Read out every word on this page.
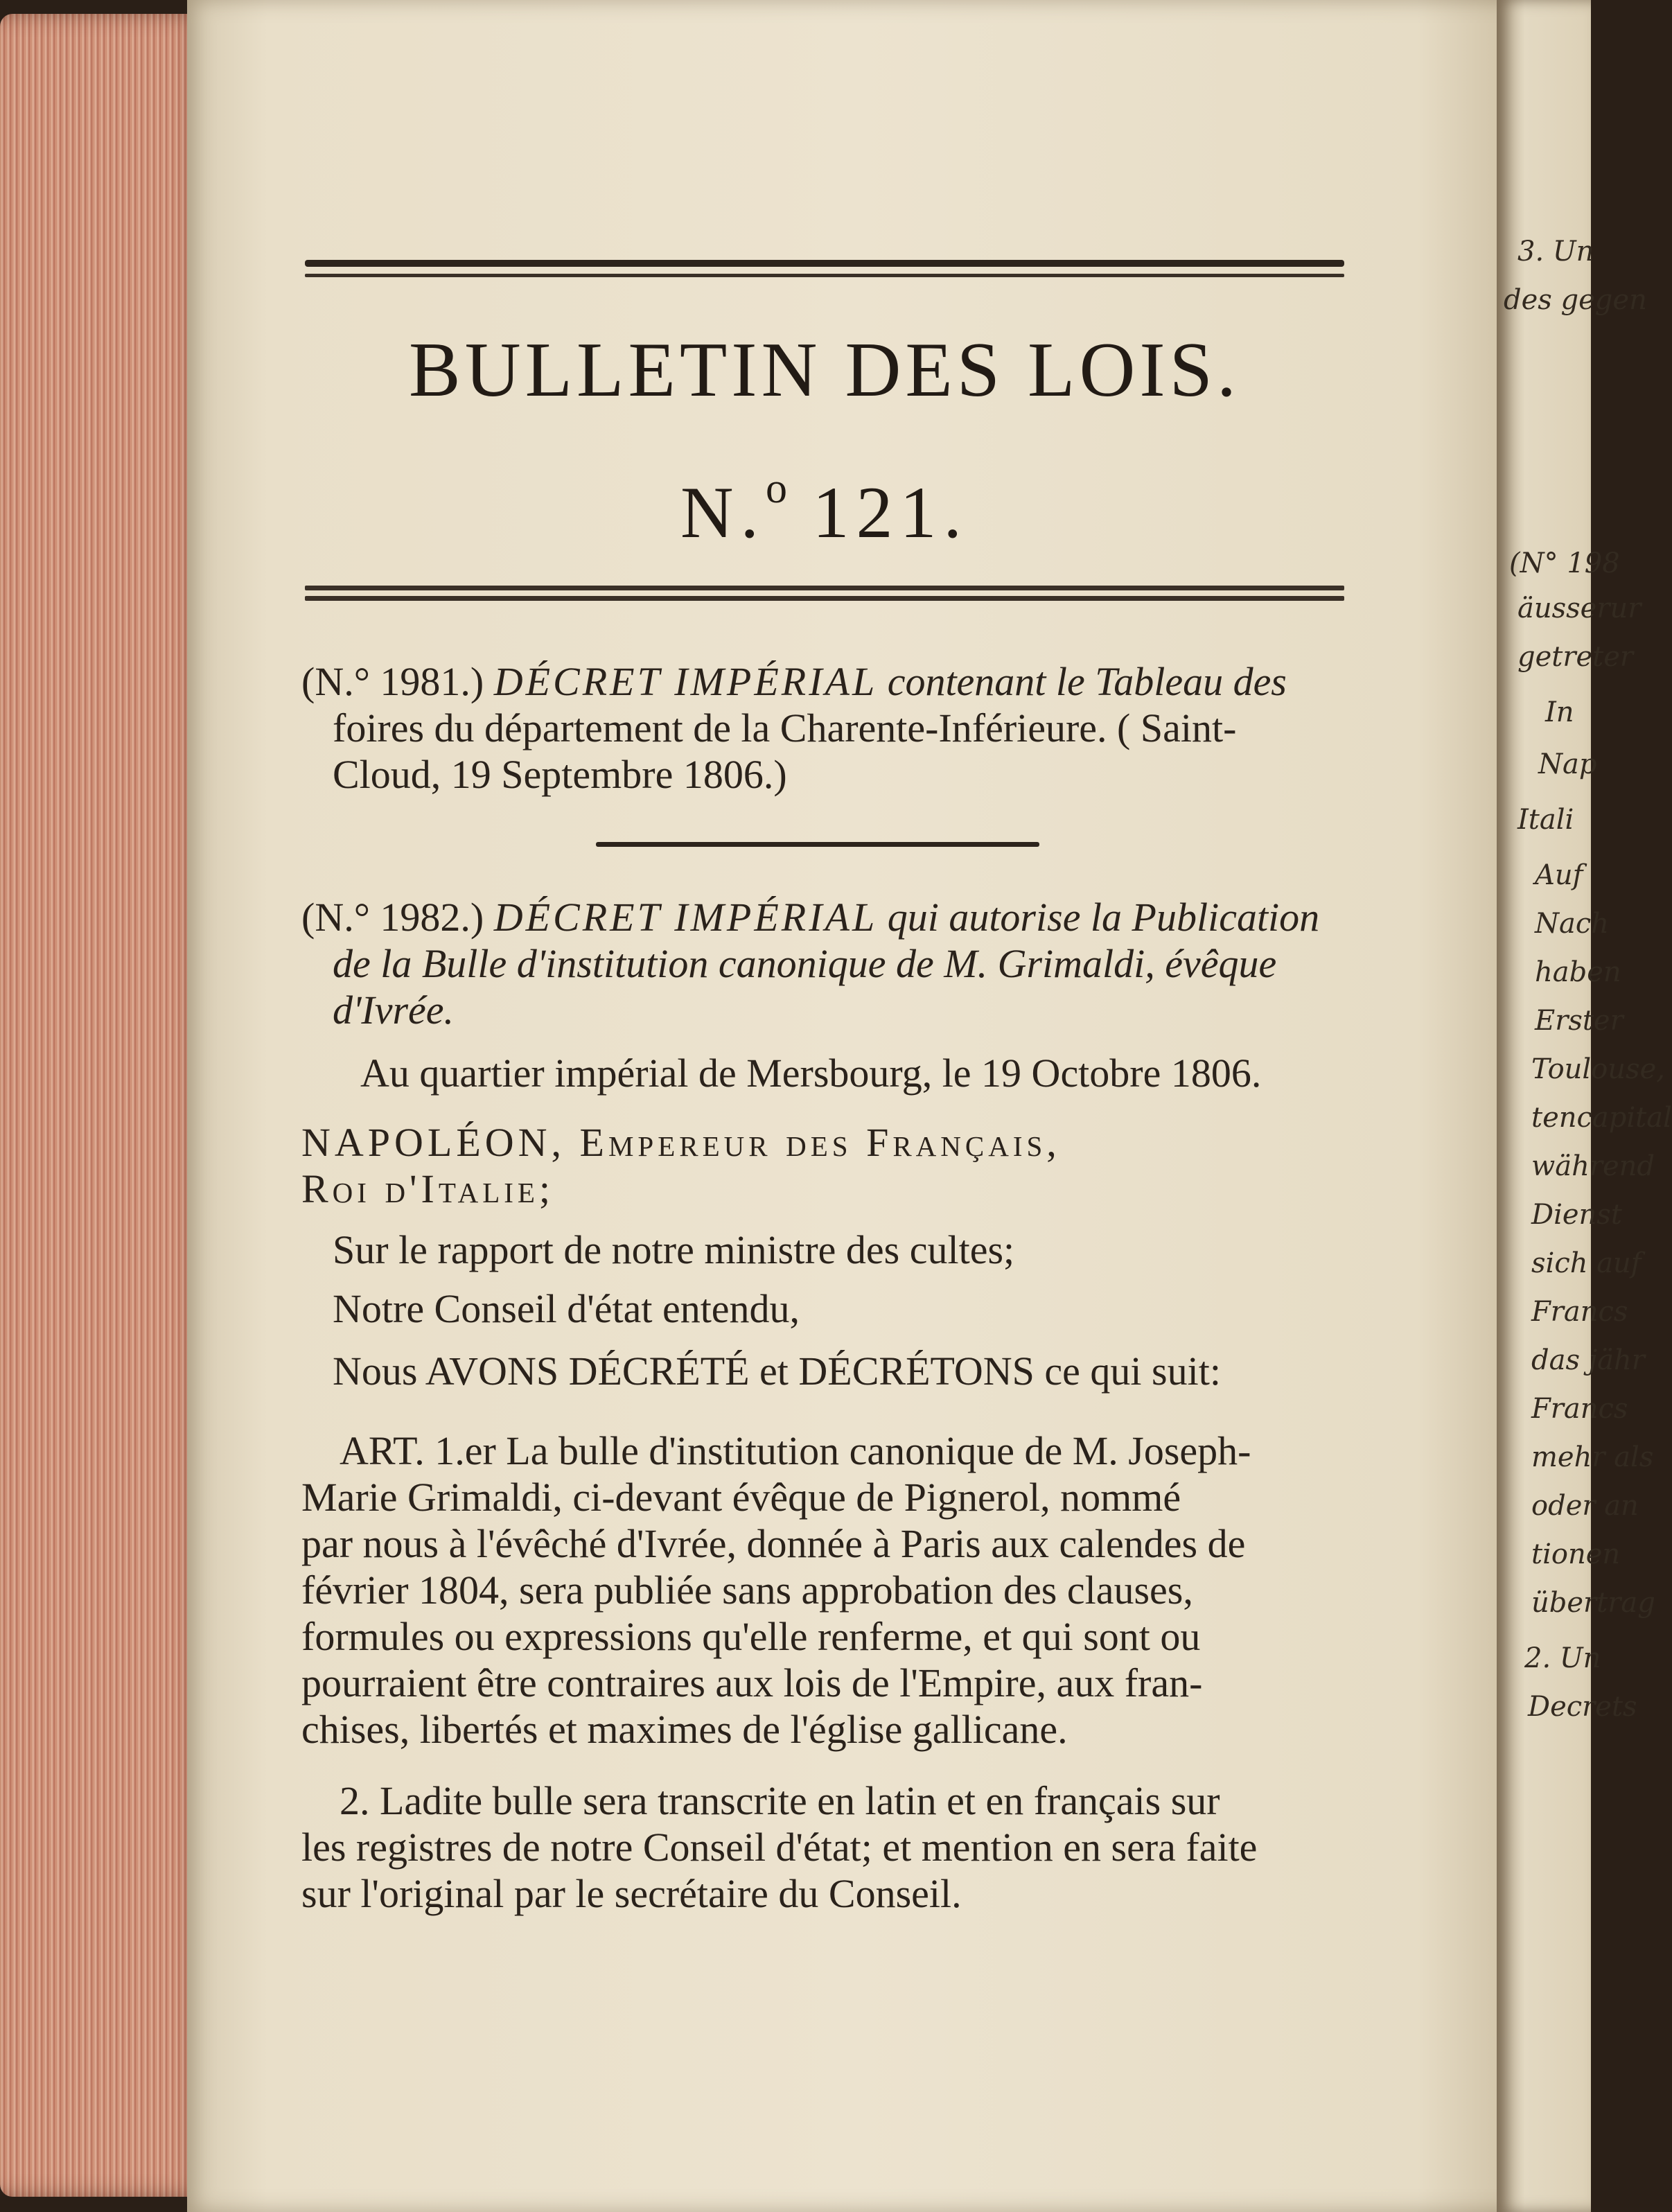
BULLETIN DES LOIS.
N.$^o$ 121.
(N.° 1981.) DÉCRET IMPÉRIAL contenant le Tableau des
foires du département de la Charente-Inférieure. ( Saint-
Cloud, 19 Septembre 1806.)
(N.° 1982.) DÉCRET IMPÉRIAL qui autorise la Publication
de la Bulle d'institution canonique de M. Grimaldi, évêque
d'Ivrée.
Au quartier impérial de Mersbourg, le 19 Octobre 1806.
NAPOLÉON, Empereur des Français,
Roi d'Italie;
Sur le rapport de notre ministre des cultes;
Notre Conseil d'état entendu,
Nous AVONS DÉCRÉTÉ et DÉCRÉTONS ce qui suit:
ART. 1.er La bulle d'institution canonique de M. Joseph-
Marie Grimaldi, ci-devant évêque de Pignerol, nommé
par nous à l'évêché d'Ivrée, donnée à Paris aux calendes de
février 1804, sera publiée sans approbation des clauses,
formules ou expressions qu'elle renferme, et qui sont ou
pourraient être contraires aux lois de l'Empire, aux fran-
chises, libertés et maximes de l'église gallicane.
2. Ladite bulle sera transcrite en latin et en français sur
les registres de notre Conseil d'état; et mention en sera faite
sur l'original par le secrétaire du Conseil.
3. Un
des gegen
(N° 198
äusserur
getreter
In
Nap
Itali
Auf
Nach
haben
Erster
Toulouse,
tencapital
während
Dienst
sich auf
Francs
das jähr
Francs
mehr als
oder an
tionen
übertrag
2. Un
Decrets
